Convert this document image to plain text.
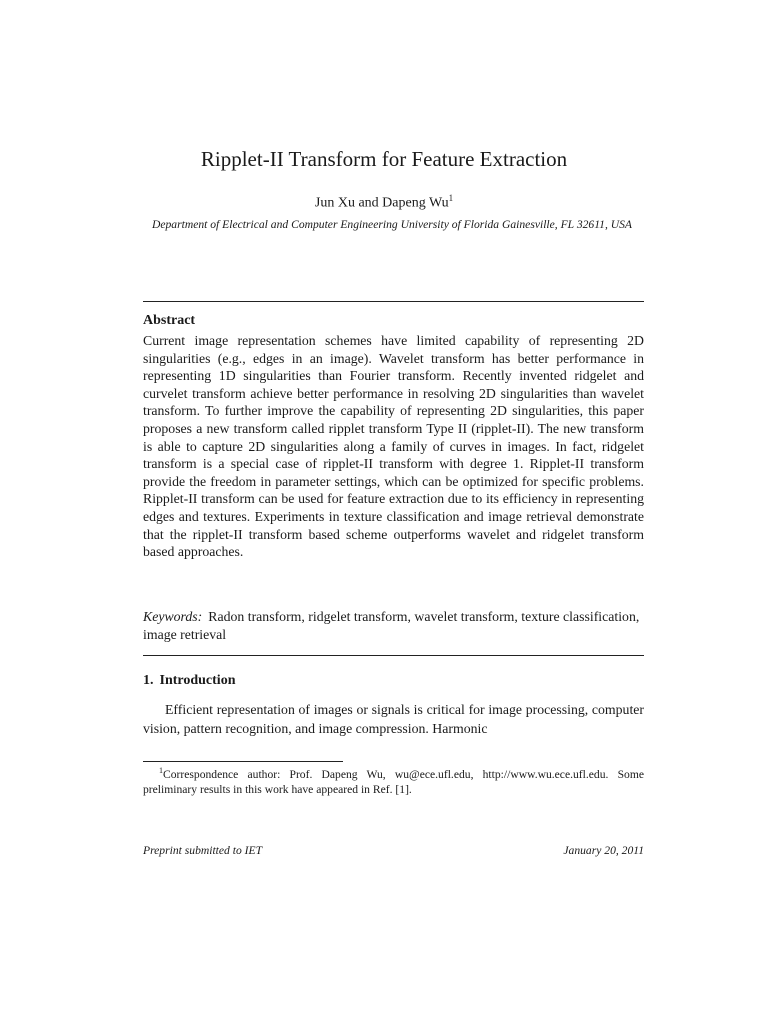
Ripplet-II Transform for Feature Extraction
Jun Xu and Dapeng Wu$^1$
Department of Electrical and Computer Engineering University of Florida Gainesville, FL 32611, USA
Abstract
Current image representation schemes have limited capability of representing 2D singularities (e.g., edges in an image). Wavelet transform has better performance in representing 1D singularities than Fourier transform. Recently invented ridgelet and curvelet transform achieve better performance in resolving 2D singularities than wavelet transform. To further improve the capability of representing 2D singularities, this paper proposes a new transform called ripplet transform Type II (ripplet-II). The new transform is able to capture 2D singularities along a family of curves in images. In fact, ridgelet transform is a special case of ripplet-II transform with degree 1. Ripplet-II transform provide the freedom in parameter settings, which can be optimized for specific problems. Ripplet-II transform can be used for feature extraction due to its efficiency in representing edges and textures. Experiments in texture classification and image retrieval demonstrate that the ripplet-II transform based scheme outperforms wavelet and ridgelet transform based approaches.
Keywords: Radon transform, ridgelet transform, wavelet transform, texture classification, image retrieval
1. Introduction
Efficient representation of images or signals is critical for image processing, computer vision, pattern recognition, and image compression. Harmonic
$^1$Correspondence author: Prof. Dapeng Wu, wu@ece.ufl.edu, http://www.wu.ece.ufl.edu. Some preliminary results in this work have appeared in Ref. [1].
Preprint submitted to IET	January 20, 2011
